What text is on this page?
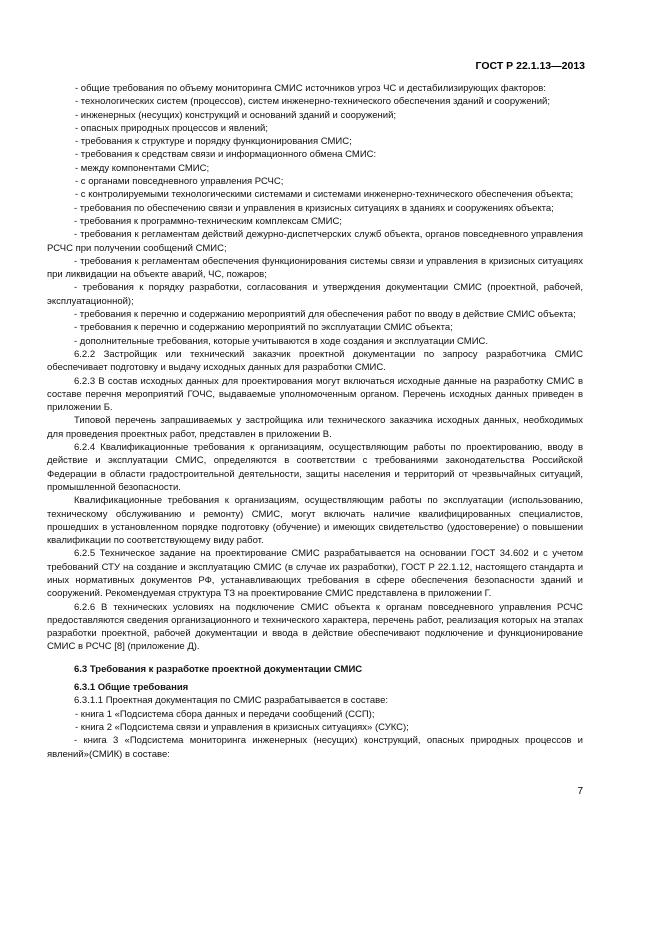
ГОСТ Р 22.1.13—2013

- общие требования по объему мониторинга СМИС источников угроз ЧС и дестабилизирующих факторов:

- технологических систем (процессов), систем инженерно-технического обеспечения зданий и сооружений;

- инженерных (несущих) конструкций и оснований зданий и сооружений;

- опасных природных процессов и явлений;

- требования к структуре и порядку функционирования СМИС;

- требования к средствам связи и информационного обмена СМИС:

- между компонентами СМИС;

- с органами повседневного управления РСЧС;

- с контролируемыми технологическими системами и системами инженерно-технического обеспечения объекта;

- требования по обеспечению связи и управления в кризисных ситуациях в зданиях и сооружениях объекта;

- требования к программно-техническим комплексам СМИС;

- требования к регламентам действий дежурно-диспетчерских служб объекта, органов повседневного управления РСЧС при получении сообщений СМИС;

- требования к регламентам обеспечения функционирования системы связи и управления в кризисных ситуациях при ликвидации на объекте аварий, ЧС, пожаров;

- требования к порядку разработки, согласования и утверждения документации СМИС (проектной, рабочей, эксплуатационной);

- требования к перечню и содержанию мероприятий для обеспечения работ по вводу в действие СМИС объекта;

- требования к перечню и содержанию мероприятий по эксплуатации СМИС объекта;

- дополнительные требования, которые учитываются в ходе создания и эксплуатации СМИС.

6.2.2 Застройщик или технический заказчик проектной документации по запросу разработчика СМИС обеспечивает подготовку и выдачу исходных данных для разработки СМИС.

6.2.3 В состав исходных данных для проектирования могут включаться исходные данные на разработку СМИС в составе перечня мероприятий ГОЧС, выдаваемые уполномоченным органом. Перечень исходных данных приведен в приложении Б.

Типовой перечень запрашиваемых у застройщика или технического заказчика исходных данных, необходимых для проведения проектных работ, представлен в приложении В.

6.2.4 Квалификационные требования к организациям, осуществляющим работы по проектированию, вводу в действие и эксплуатации СМИС, определяются в соответствии с требованиями законодательства Российской Федерации в области градостроительной деятельности, защиты населения и территорий от чрезвычайных ситуаций, промышленной безопасности.

Квалификационные требования к организациям, осуществляющим работы по эксплуатации (использованию, техническому обслуживанию и ремонту) СМИС, могут включать наличие квалифицированных специалистов, прошедших в установленном порядке подготовку (обучение) и имеющих свидетельство (удостоверение) о повышении квалификации по соответствующему виду работ.

6.2.5 Техническое задание на проектирование СМИС разрабатывается на основании ГОСТ 34.602 и с учетом требований СТУ на создание и эксплуатацию СМИС (в случае их разработки), ГОСТ Р 22.1.12, настоящего стандарта и иных нормативных документов РФ, устанавливающих требования в сфере обеспечения безопасности зданий и сооружений. Рекомендуемая структура ТЗ на проектирование СМИС представлена в приложении Г.

6.2.6 В технических условиях на подключение СМИС объекта к органам повседневного управления РСЧС предоставляются сведения организационного и технического характера, перечень работ, реализация которых на этапах разработки проектной, рабочей документации и ввода в действие обеспечивают подключение и функционирование СМИС в РСЧС [8] (приложение Д).

6.3 Требования к разработке проектной документации СМИС

6.3.1 Общие требования

6.3.1.1 Проектная документация по СМИС разрабатывается в составе:

- книга 1 «Подсистема сбора данных и передачи сообщений (ССП);

- книга 2 «Подсистема связи и управления в кризисных ситуациях» (СУКС);

- книга 3 «Подсистема мониторинга инженерных (несущих) конструкций, опасных природных процессов и явлений»(СМИК) в составе:

7
